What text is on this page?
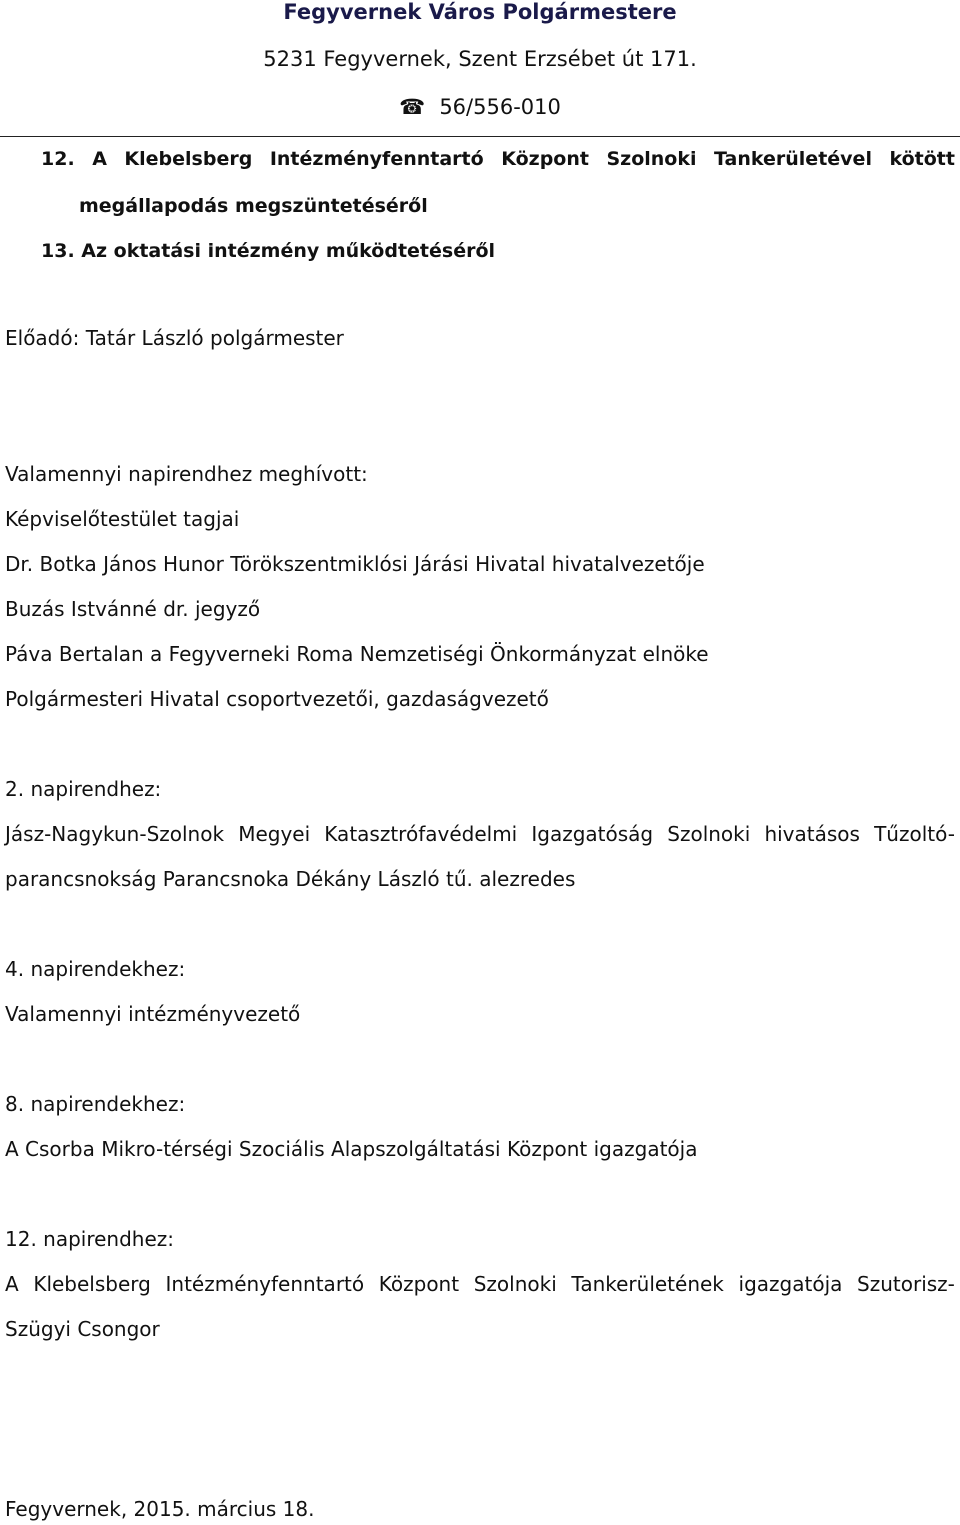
Fegyvernek Város Polgármestere
5231 Fegyvernek, Szent Erzsébet út 171.
☎ 56/556-010
12. A Klebelsberg Intézményfenntartó Központ Szolnoki Tankerületével kötött
megállapodás megszüntetéséről
13. Az oktatási intézmény működtetéséről
Előadó: Tatár László polgármester
Valamennyi napirendhez meghívott:
Képviselőtestület tagjai
Dr. Botka János Hunor Törökszentmiklósi Járási Hivatal hivatalvezetője
Buzás Istvánné dr. jegyző
Páva Bertalan a Fegyverneki Roma Nemzetiségi Önkormányzat elnöke
Polgármesteri Hivatal csoportvezetői, gazdaságvezető
2. napirendhez:
Jász-Nagykun-Szolnok Megyei Katasztrófavédelmi Igazgatóság Szolnoki hivatásos Tűzoltó-
parancsnokság Parancsnoka Dékány László tű. alezredes
4. napirendekhez:
Valamennyi intézményvezető
8. napirendekhez:
A Csorba Mikro-térségi Szociális Alapszolgáltatási Központ igazgatója
12. napirendhez:
A Klebelsberg Intézményfenntartó Központ Szolnoki Tankerületének igazgatója Szutorisz-
Szügyi Csongor
Fegyvernek, 2015. március 18.
